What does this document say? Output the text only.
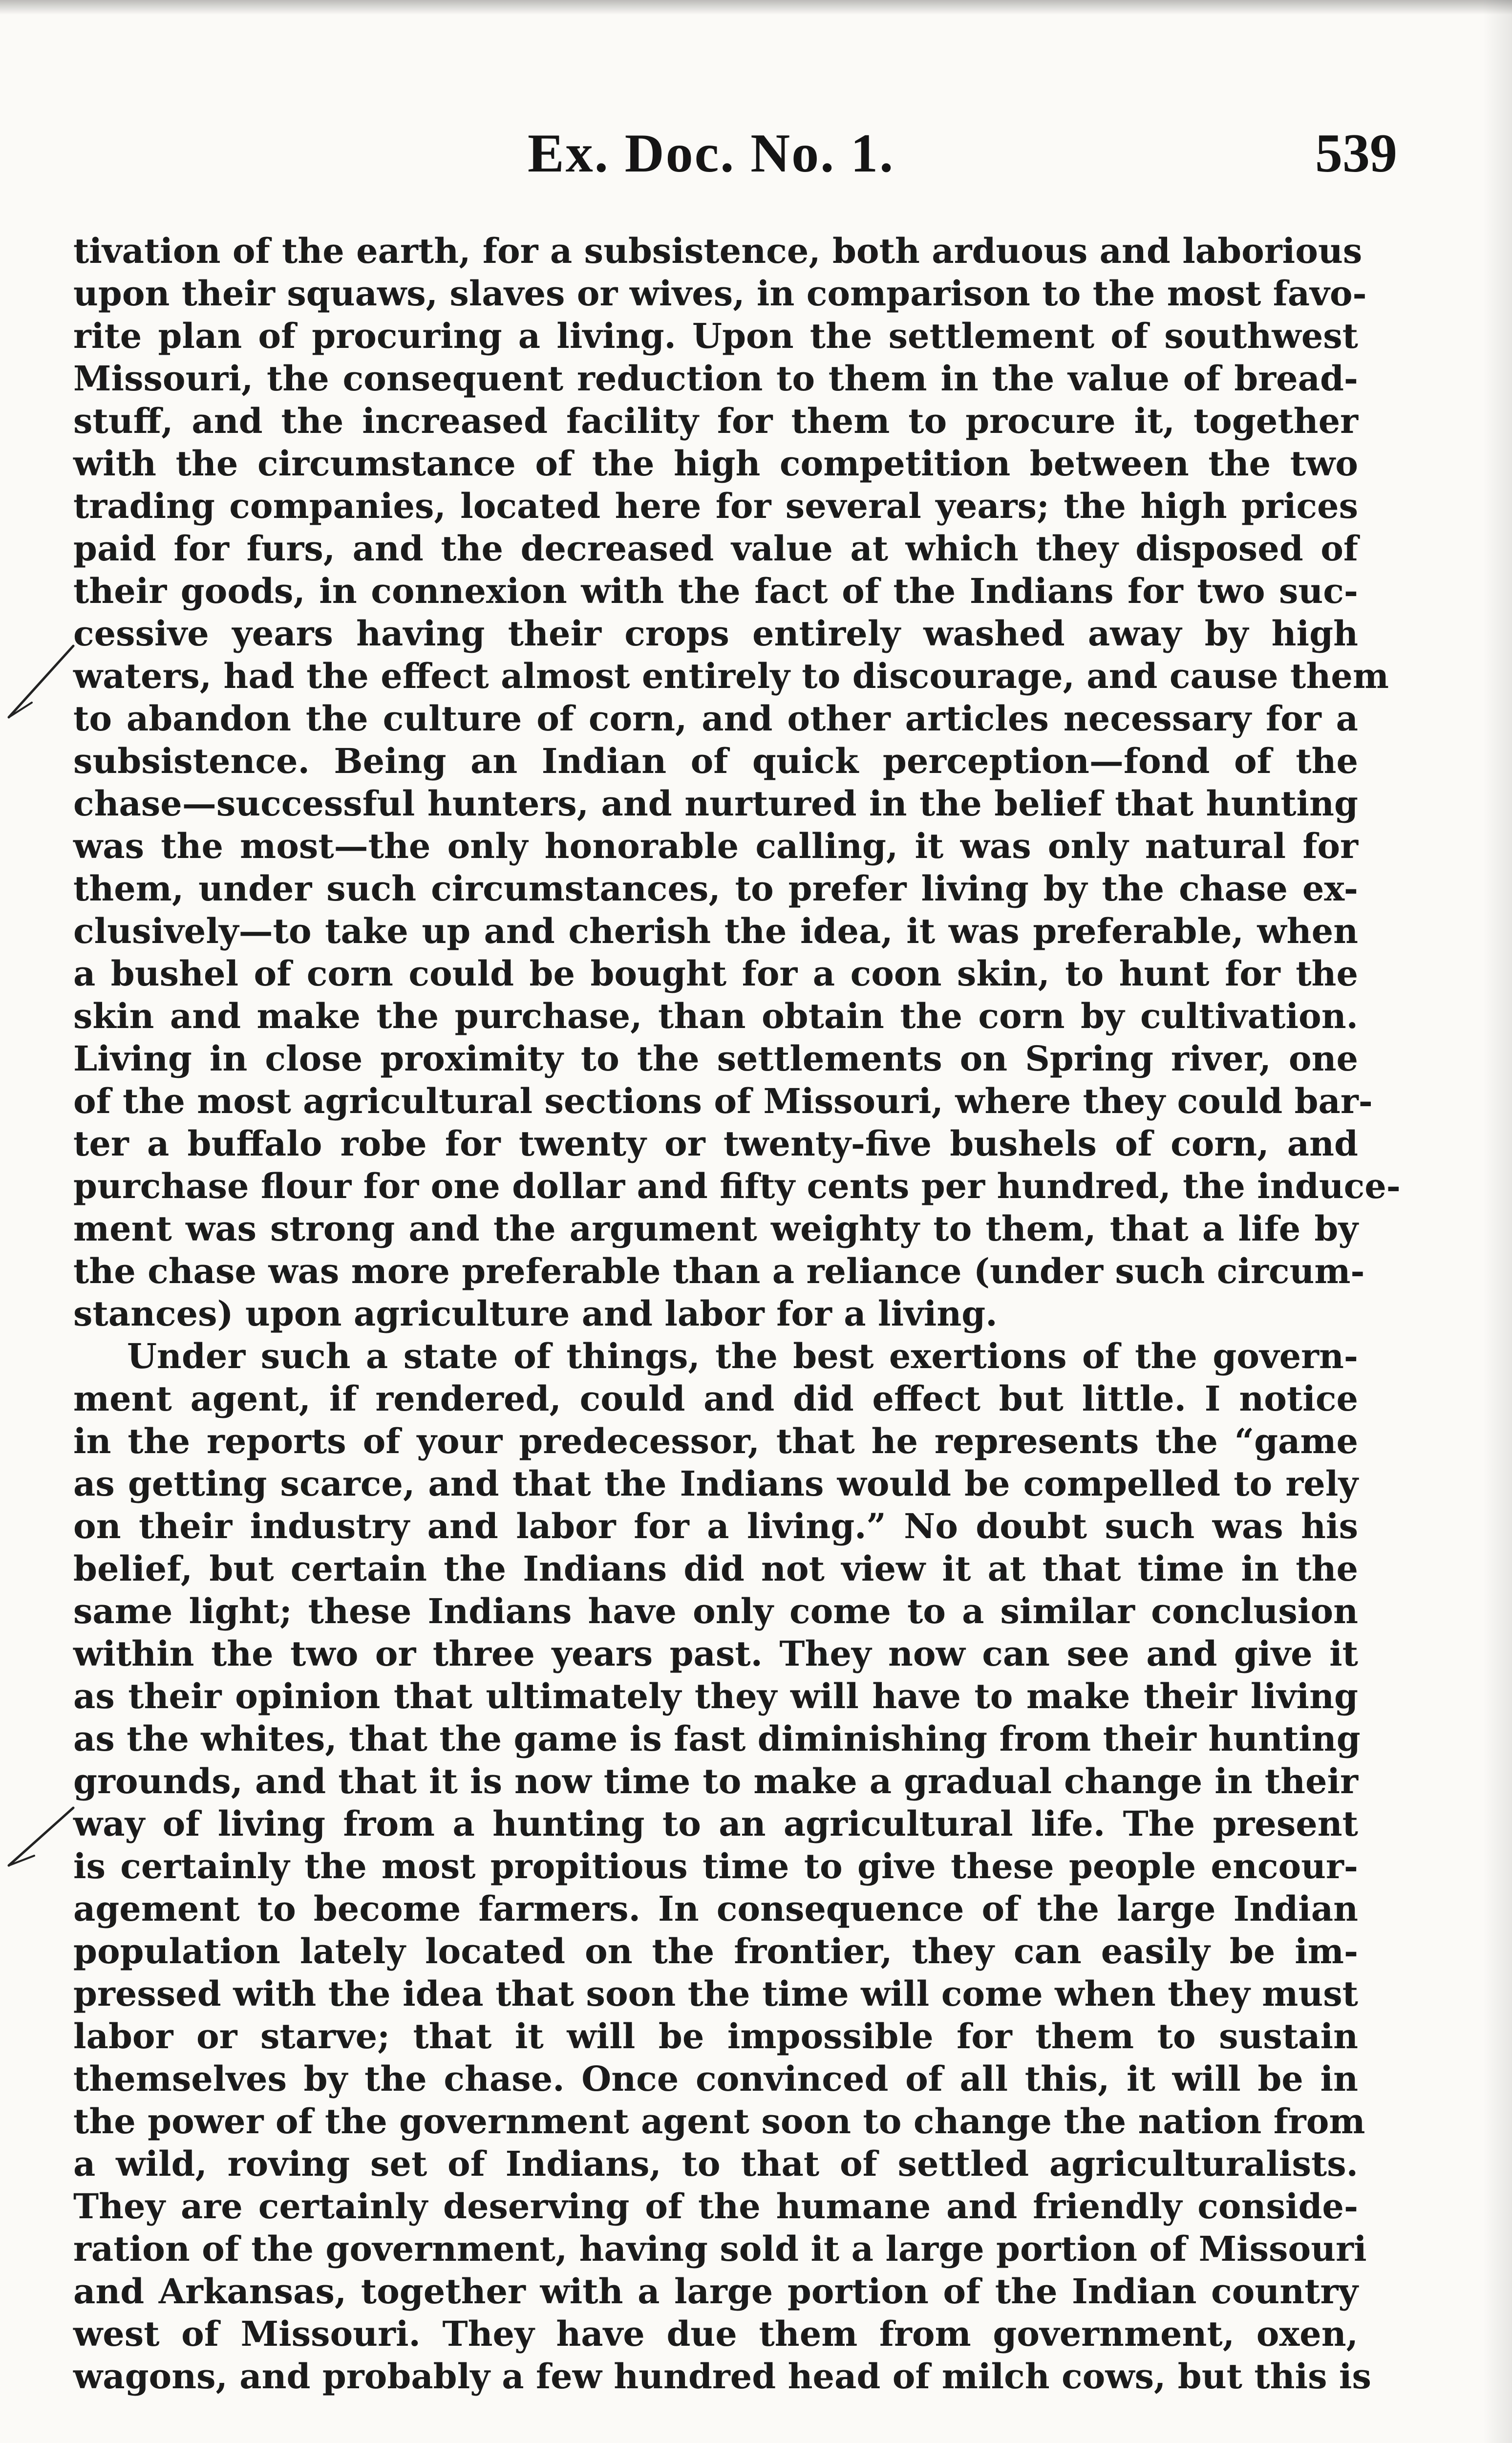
Ex. Doc. No. 1.	539
tivation of the earth, for a subsistence, both arduous and laborious
upon their squaws, slaves or wives, in comparison to the most favo-
rite plan of procuring a living. Upon the settlement of southwest
Missouri, the consequent reduction to them in the value of bread-
stuff, and the increased facility for them to procure it, together
with the circumstance of the high competition between the two
trading companies, located here for several years; the high prices
paid for furs, and the decreased value at which they disposed of
their goods, in connexion with the fact of the Indians for two suc-
cessive years having their crops entirely washed away by high
waters, had the effect almost entirely to discourage, and cause them
to abandon the culture of corn, and other articles necessary for a
subsistence. Being an Indian of quick perception—fond of the
chase—successful hunters, and nurtured in the belief that hunting
was the most—the only honorable calling, it was only natural for
them, under such circumstances, to prefer living by the chase ex-
clusively—to take up and cherish the idea, it was preferable, when
a bushel of corn could be bought for a coon skin, to hunt for the
skin and make the purchase, than obtain the corn by cultivation.
Living in close proximity to the settlements on Spring river, one
of the most agricultural sections of Missouri, where they could bar-
ter a buffalo robe for twenty or twenty-five bushels of corn, and
purchase flour for one dollar and fifty cents per hundred, the induce-
ment was strong and the argument weighty to them, that a life by
the chase was more preferable than a reliance (under such circum-
stances) upon agriculture and labor for a living.
Under such a state of things, the best exertions of the govern-
ment agent, if rendered, could and did effect but little. I notice
in the reports of your predecessor, that he represents the “game
as getting scarce, and that the Indians would be compelled to rely
on their industry and labor for a living.” No doubt such was his
belief, but certain the Indians did not view it at that time in the
same light; these Indians have only come to a similar conclusion
within the two or three years past. They now can see and give it
as their opinion that ultimately they will have to make their living
as the whites, that the game is fast diminishing from their hunting
grounds, and that it is now time to make a gradual change in their
way of living from a hunting to an agricultural life. The present
is certainly the most propitious time to give these people encour-
agement to become farmers. In consequence of the large Indian
population lately located on the frontier, they can easily be im-
pressed with the idea that soon the time will come when they must
labor or starve; that it will be impossible for them to sustain
themselves by the chase. Once convinced of all this, it will be in
the power of the government agent soon to change the nation from
a wild, roving set of Indians, to that of settled agriculturalists.
They are certainly deserving of the humane and friendly conside-
ration of the government, having sold it a large portion of Missouri
and Arkansas, together with a large portion of the Indian country
west of Missouri. They have due them from government, oxen,
wagons, and probably a few hundred head of milch cows, but this is
